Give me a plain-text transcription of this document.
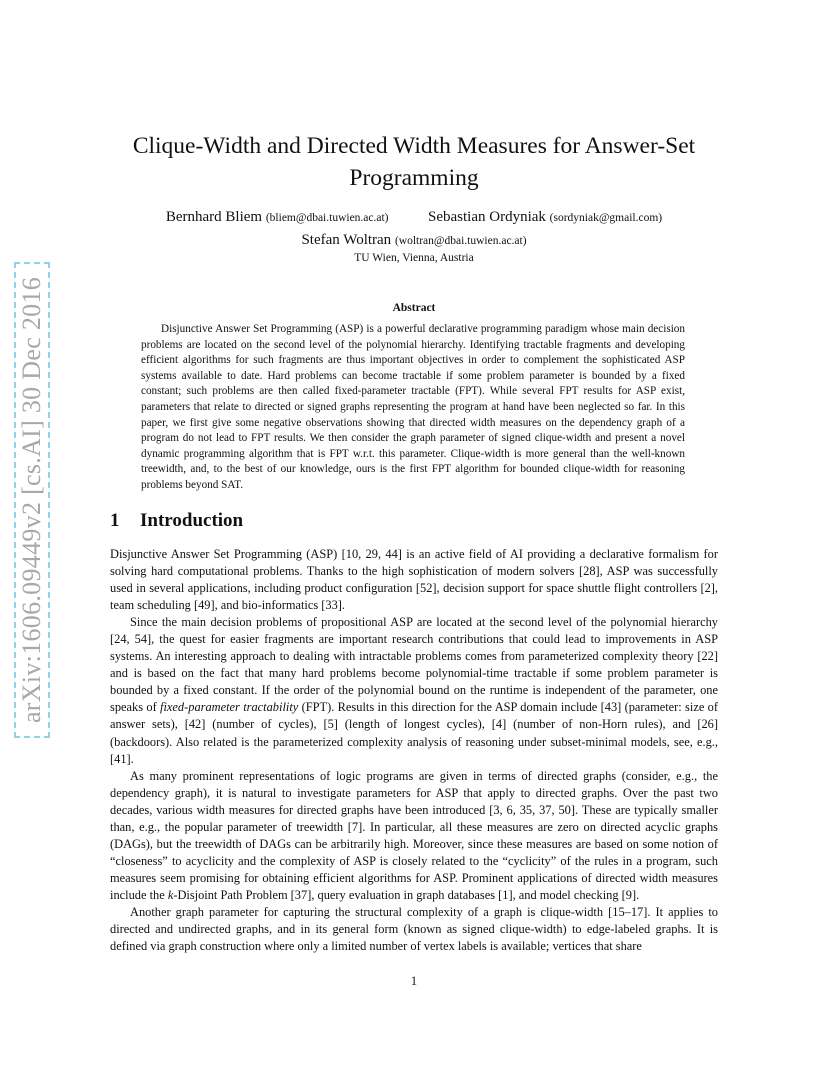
arXiv:1606.09449v2 [cs.AI] 30 Dec 2016
Clique-Width and Directed Width Measures for Answer-Set
Programming
Bernhard Bliem (bliem@dbai.tuwien.ac.at)	Sebastian Ordyniak (sordyniak@gmail.com)
Stefan Woltran (woltran@dbai.tuwien.ac.at)
TU Wien, Vienna, Austria
Abstract

Disjunctive Answer Set Programming (ASP) is a powerful declarative programming paradigm whose main decision problems are located on the second level of the polynomial hierarchy. Identifying tractable fragments and developing efficient algorithms for such fragments are thus important objectives in order to complement the sophisticated ASP systems available to date. Hard problems can become tractable if some problem parameter is bounded by a fixed constant; such problems are then called fixed-parameter tractable (FPT). While several FPT results for ASP exist, parameters that relate to directed or signed graphs representing the program at hand have been neglected so far. In this paper, we first give some negative observations showing that directed width measures on the dependency graph of a program do not lead to FPT results. We then consider the graph parameter of signed clique-width and present a novel dynamic programming algorithm that is FPT w.r.t. this parameter. Clique-width is more general than the well-known treewidth, and, to the best of our knowledge, ours is the first FPT algorithm for bounded clique-width for reasoning problems beyond SAT.

1 Introduction

Disjunctive Answer Set Programming (ASP) [10, 29, 44] is an active field of AI providing a declarative formalism for solving hard computational problems. Thanks to the high sophistication of modern solvers [28], ASP was successfully used in several applications, including product configuration [52], decision support for space shuttle flight controllers [2], team scheduling [49], and bio-informatics [33].

Since the main decision problems of propositional ASP are located at the second level of the polynomial hierarchy [24, 54], the quest for easier fragments are important research contributions that could lead to improvements in ASP systems. An interesting approach to dealing with intractable problems comes from parameterized complexity theory [22] and is based on the fact that many hard problems become polynomial-time tractable if some problem parameter is bounded by a fixed constant. If the order of the polynomial bound on the runtime is independent of the parameter, one speaks of fixed-parameter tractability (FPT). Results in this direction for the ASP domain include [43] (parameter: size of answer sets), [42] (number of cycles), [5] (length of longest cycles), [4] (number of non-Horn rules), and [26] (backdoors). Also related is the parameterized complexity analysis of reasoning under subset-minimal models, see, e.g., [41].

As many prominent representations of logic programs are given in terms of directed graphs (consider, e.g., the dependency graph), it is natural to investigate parameters for ASP that apply to directed graphs. Over the past two decades, various width measures for directed graphs have been introduced [3, 6, 35, 37, 50]. These are typically smaller than, e.g., the popular parameter of treewidth [7]. In particular, all these measures are zero on directed acyclic graphs (DAGs), but the treewidth of DAGs can be arbitrarily high. Moreover, since these measures are based on some notion of “closeness” to acyclicity and the complexity of ASP is closely related to the “cyclicity” of the rules in a program, such measures seem promising for obtaining efficient algorithms for ASP. Prominent applications of directed width measures include the k-Disjoint Path Problem [37], query evaluation in graph databases [1], and model checking [9].

Another graph parameter for capturing the structural complexity of a graph is clique-width [15–17]. It applies to directed and undirected graphs, and in its general form (known as signed clique-width) to edge-labeled graphs. It is defined via graph construction where only a limited number of vertex labels is available; vertices that share

1
